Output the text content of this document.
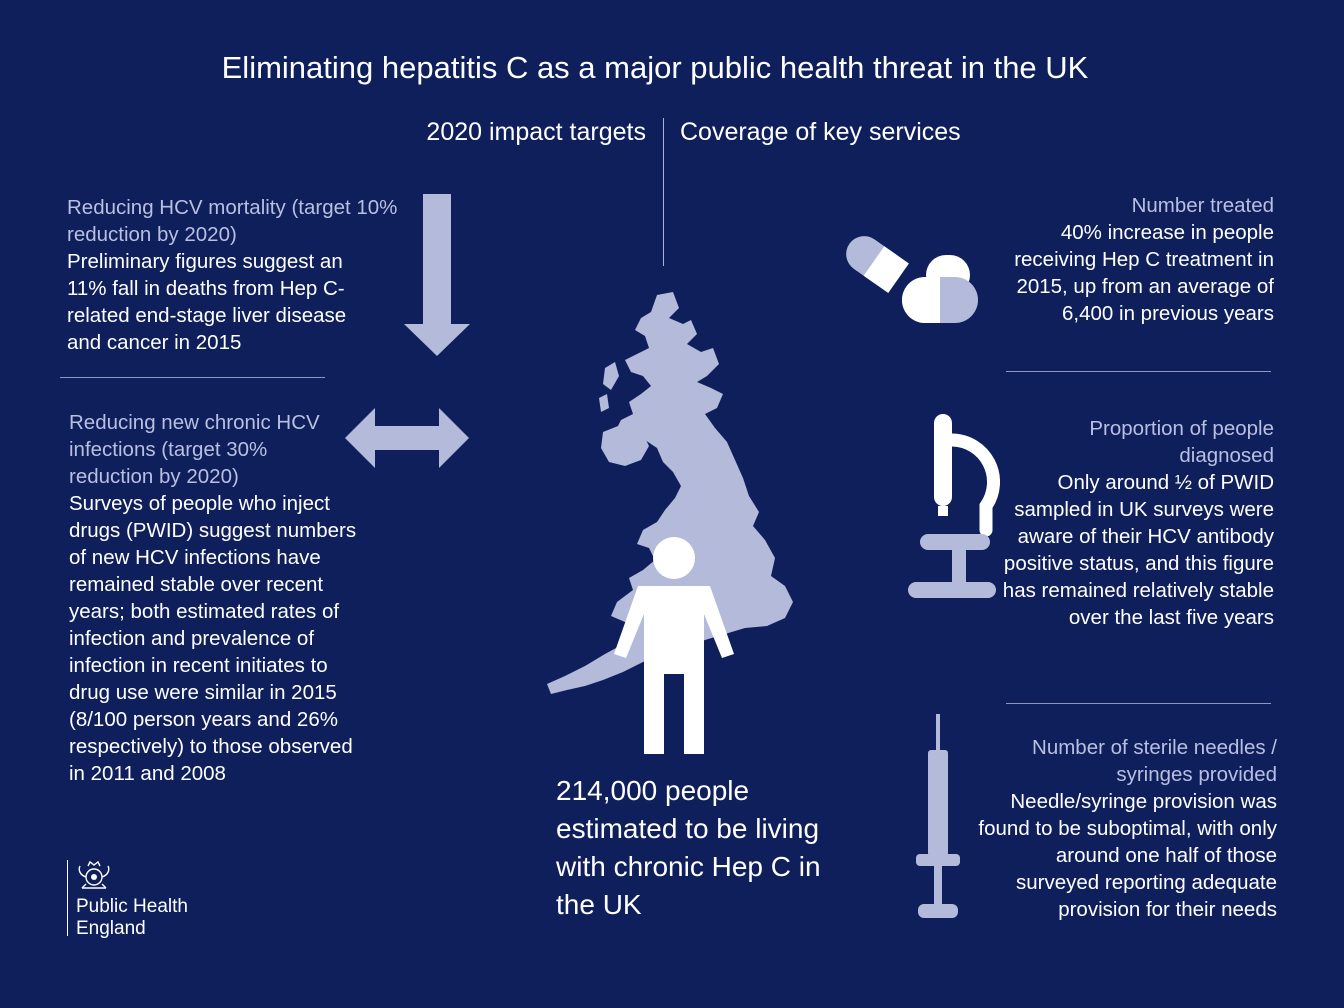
Eliminating hepatitis C as a major public health threat in the UK
2020 impact targets Coverage of key services
Reducing HCV mortality (target 10% reduction by 2020)
Preliminary figures suggest an 11% fall in deaths from Hep C-related end-stage liver disease and cancer in 2015
Reducing new chronic HCV infections (target 30% reduction by 2020)
Surveys of people who inject drugs (PWID) suggest numbers of new HCV infections have remained stable over recent years; both estimated rates of infection and prevalence of infection in recent initiates to drug use were similar in 2015 (8/100 person years and 26% respectively) to those observed in 2011 and 2008
214,000 people estimated to be living with chronic Hep C in the UK
Number treated
40% increase in people receiving Hep C treatment in 2015, up from an average of 6,400 in previous years
Proportion of people diagnosed
Only around ½ of PWID sampled in UK surveys were aware of their HCV antibody positive status, and this figure has remained relatively stable over the last five years
Number of sterile needles / syringes provided
Needle/syringe provision was found to be suboptimal, with only around one half of those surveyed reporting adequate provision for their needs
Public Health
England
